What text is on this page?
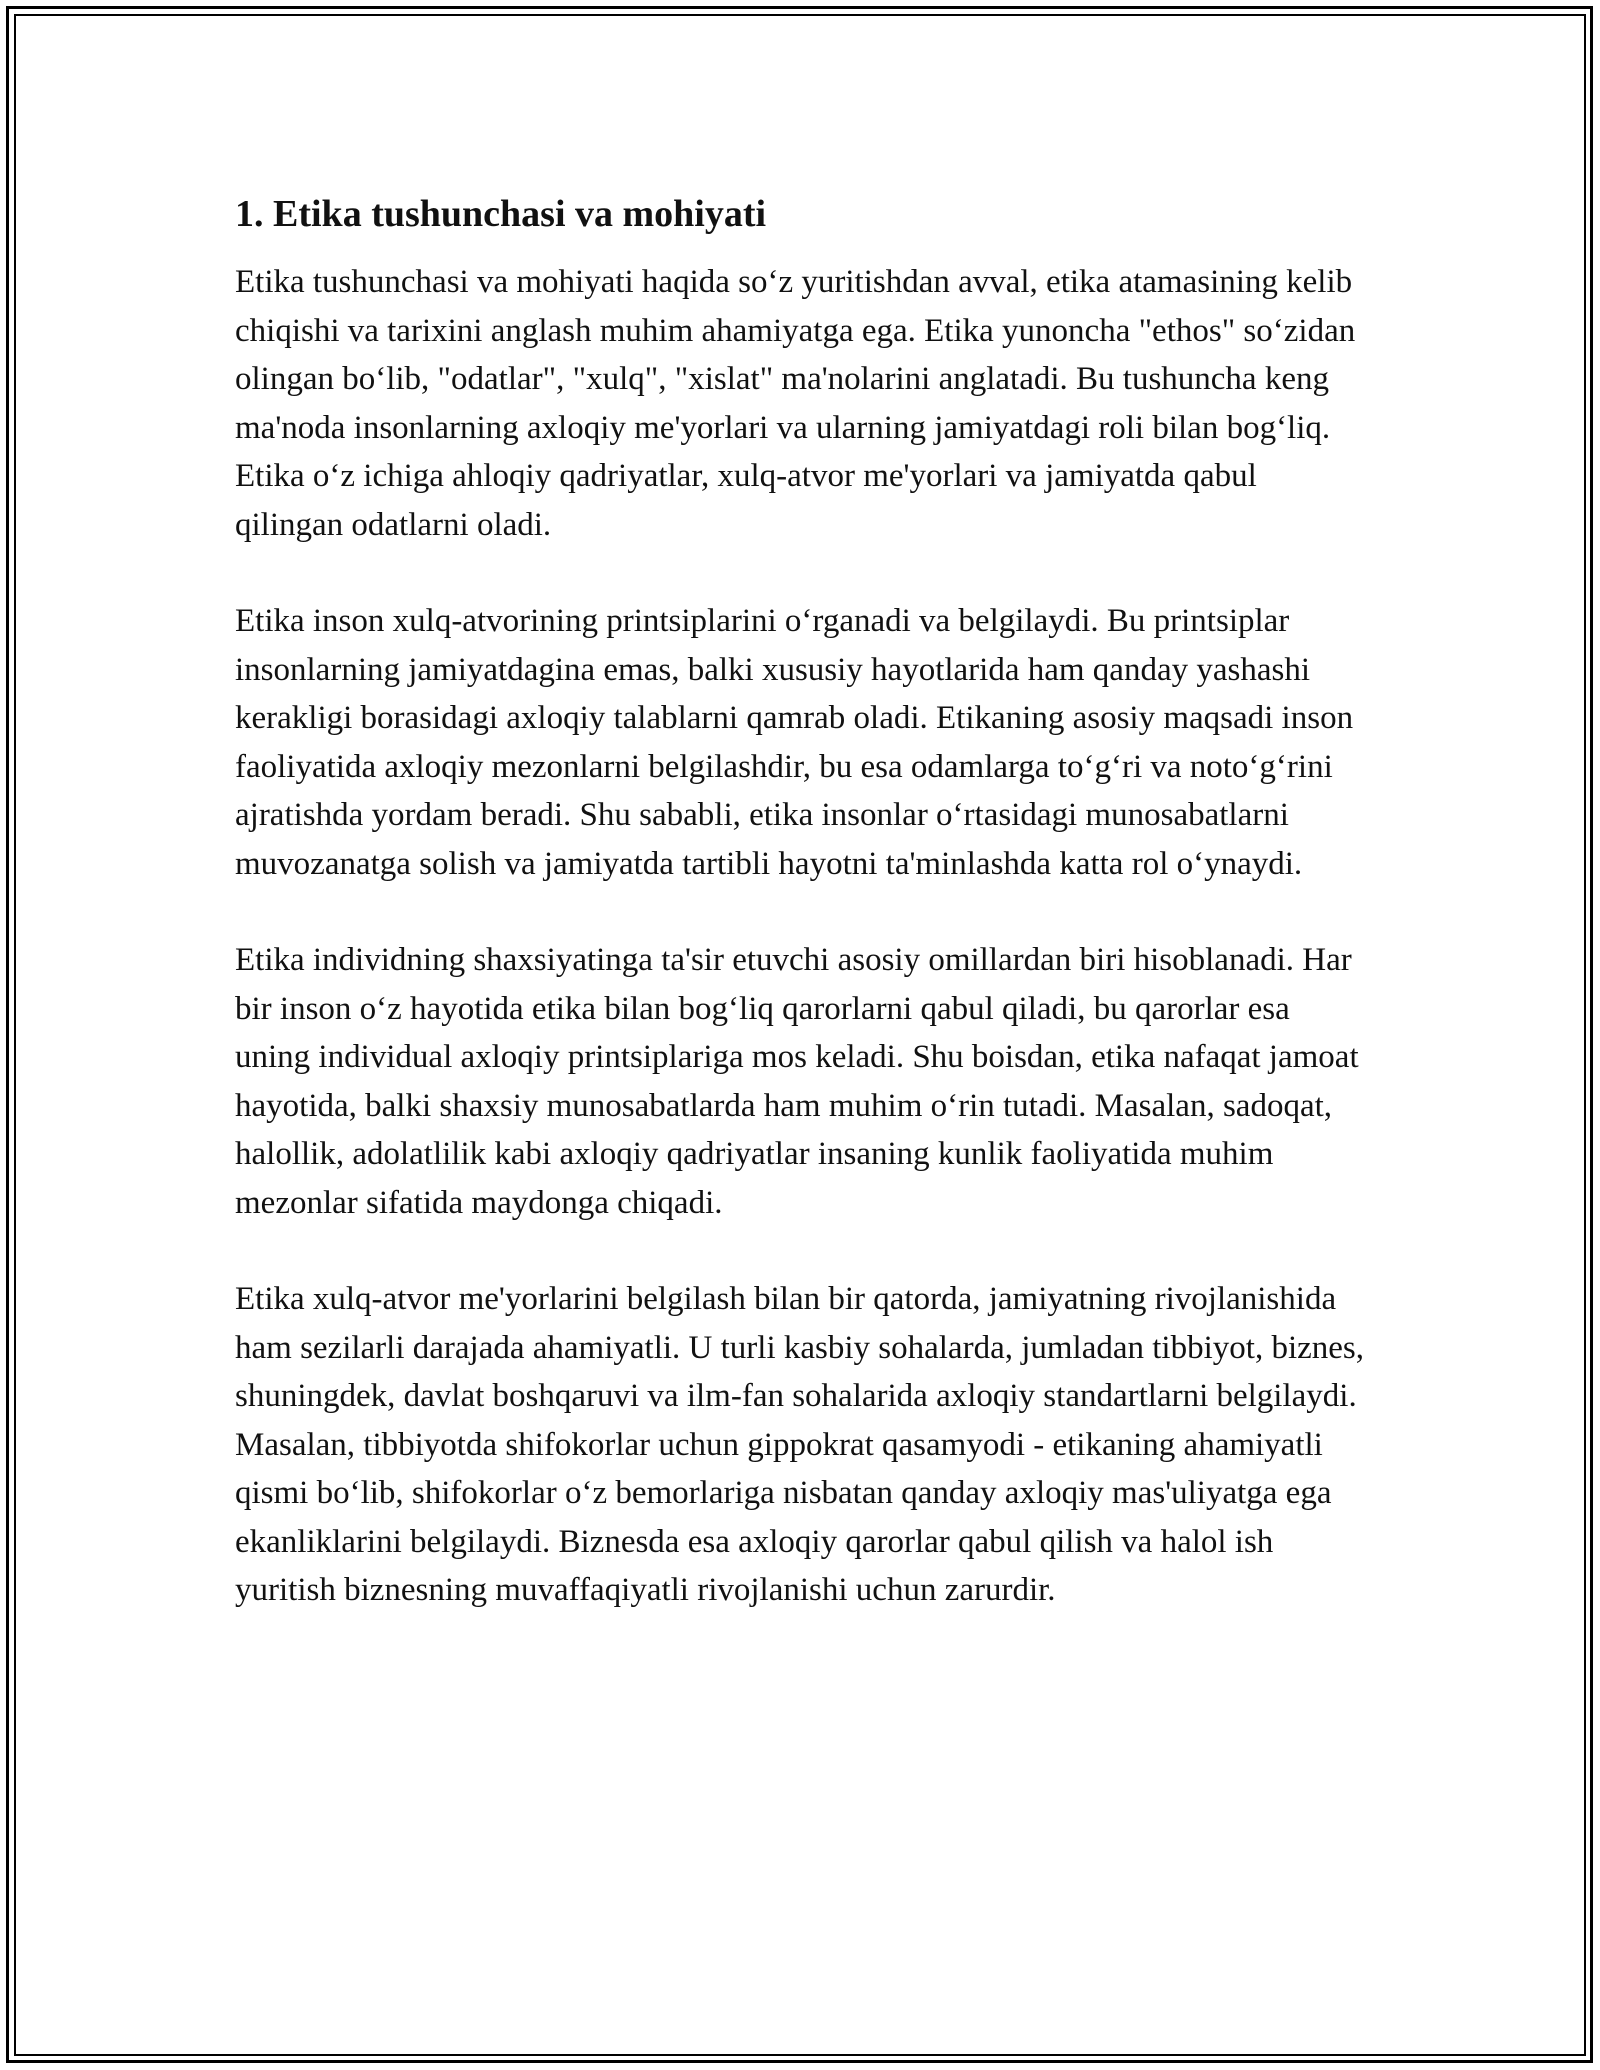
1. Etika tushunchasi va mohiyati

Etika tushunchasi va mohiyati haqida so‘z yuritishdan avval, etika atamasining kelib chiqishi va tarixini anglash muhim ahamiyatga ega. Etika yunoncha "ethos" so‘zidan olingan bo‘lib, "odatlar", "xulq", "xislat" ma'nolarini anglatadi. Bu tushuncha keng ma'noda insonlarning axloqiy me'yorlari va ularning jamiyatdagi roli bilan bog‘liq. Etika o‘z ichiga ahloqiy qadriyatlar, xulq-atvor me'yorlari va jamiyatda qabul qilingan odatlarni oladi.

Etika inson xulq-atvorining printsiplarini o‘rganadi va belgilaydi. Bu printsiplar insonlarning jamiyatdagina emas, balki xususiy hayotlarida ham qanday yashashi kerakligi borasidagi axloqiy talablarni qamrab oladi. Etikaning asosiy maqsadi inson faoliyatida axloqiy mezonlarni belgilashdir, bu esa odamlarga to‘g‘ri va noto‘g‘rini ajratishda yordam beradi. Shu sababli, etika insonlar o‘rtasidagi munosabatlarni muvozanatga solish va jamiyatda tartibli hayotni ta'minlashda katta rol o‘ynaydi.

Etika individning shaxsiyatinga ta'sir etuvchi asosiy omillardan biri hisoblanadi. Har bir inson o‘z hayotida etika bilan bog‘liq qarorlarni qabul qiladi, bu qarorlar esa uning individual axloqiy printsiplariga mos keladi. Shu boisdan, etika nafaqat jamoat hayotida, balki shaxsiy munosabatlarda ham muhim o‘rin tutadi. Masalan, sadoqat, halollik, adolatlilik kabi axloqiy qadriyatlar insaning kunlik faoliyatida muhim mezonlar sifatida maydonga chiqadi.

Etika xulq-atvor me'yorlarini belgilash bilan bir qatorda, jamiyatning rivojlanishida ham sezilarli darajada ahamiyatli. U turli kasbiy sohalarda, jumladan tibbiyot, biznes, shuningdek, davlat boshqaruvi va ilm-fan sohalarida axloqiy standartlarni belgilaydi. Masalan, tibbiyotda shifokorlar uchun gippokrat qasamyodi - etikaning ahamiyatli qismi bo‘lib, shifokorlar o‘z bemorlariga nisbatan qanday axloqiy mas'uliyatga ega ekanliklarini belgilaydi. Biznesda esa axloqiy qarorlar qabul qilish va halol ish yuritish biznesning muvaffaqiyatli rivojlanishi uchun zarurdir.
